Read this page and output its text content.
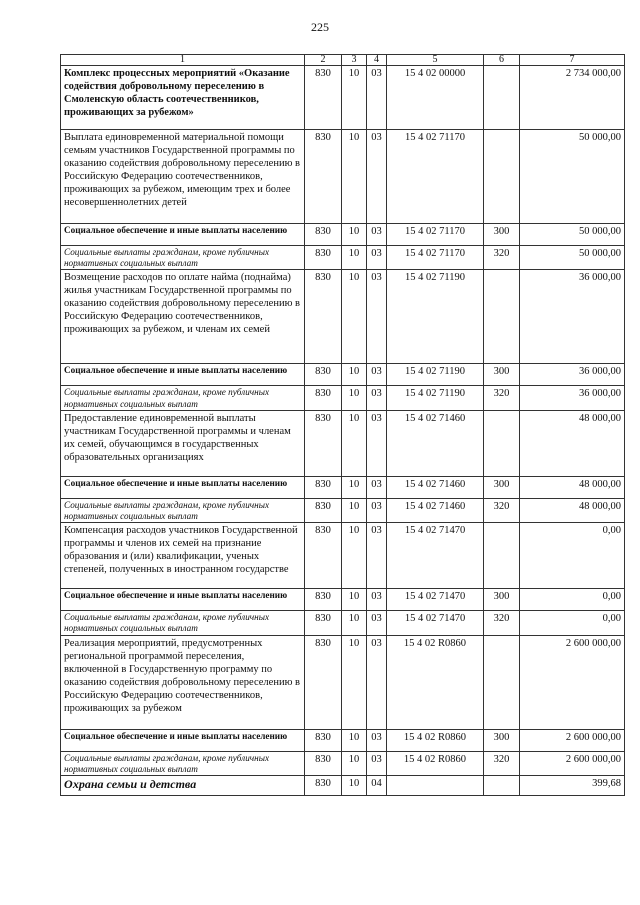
225
1	2	3	4	5	6	7
Комплекс процессных мероприятий «Оказание содействия добровольному переселению в Смоленскую область соотечественников, проживающих за рубежом»	830	10	03	15 4 02 00000		2 734 000,00
Выплата единовременной материальной помощи семьям участников Государственной программы по оказанию содействия добровольному переселению в Российскую Федерацию соотечественников, проживающих за рубежом, имеющим трех и более несовершеннолетних детей	830	10	03	15 4 02 71170		50 000,00
Социальное обеспечение и иные выплаты населению	830	10	03	15 4 02 71170	300	50 000,00
Социальные выплаты гражданам, кроме публичных нормативных социальных выплат	830	10	03	15 4 02 71170	320	50 000,00
Возмещение расходов по оплате найма (поднайма) жилья участникам Государственной программы по оказанию содействия добровольному переселению в Российскую Федерацию соотечественников, проживающих за рубежом, и членам их семей	830	10	03	15 4 02 71190		36 000,00
Социальное обеспечение и иные выплаты населению	830	10	03	15 4 02 71190	300	36 000,00
Социальные выплаты гражданам, кроме публичных нормативных социальных выплат	830	10	03	15 4 02 71190	320	36 000,00
Предоставление единовременной выплаты участникам Государственной программы и членам их семей, обучающимся в государственных образовательных организациях	830	10	03	15 4 02 71460		48 000,00
Социальное обеспечение и иные выплаты населению	830	10	03	15 4 02 71460	300	48 000,00
Социальные выплаты гражданам, кроме публичных нормативных социальных выплат	830	10	03	15 4 02 71460	320	48 000,00
Компенсация расходов участников Государственной программы и членов их семей на признание образования и (или) квалификации, ученых степеней, полученных в иностранном государстве	830	10	03	15 4 02 71470		0,00
Социальное обеспечение и иные выплаты населению	830	10	03	15 4 02 71470	300	0,00
Социальные выплаты гражданам, кроме публичных нормативных социальных выплат	830	10	03	15 4 02 71470	320	0,00
Реализация мероприятий, предусмотренных региональной программой переселения, включенной в Государственную программу по оказанию содействия добровольному переселению в Российскую Федерацию соотечественников, проживающих за рубежом	830	10	03	15 4 02 R0860		2 600 000,00
Социальное обеспечение и иные выплаты населению	830	10	03	15 4 02 R0860	300	2 600 000,00
Социальные выплаты гражданам, кроме публичных нормативных социальных выплат	830	10	03	15 4 02 R0860	320	2 600 000,00
Охрана семьи и детства	830	10	04			399,68
